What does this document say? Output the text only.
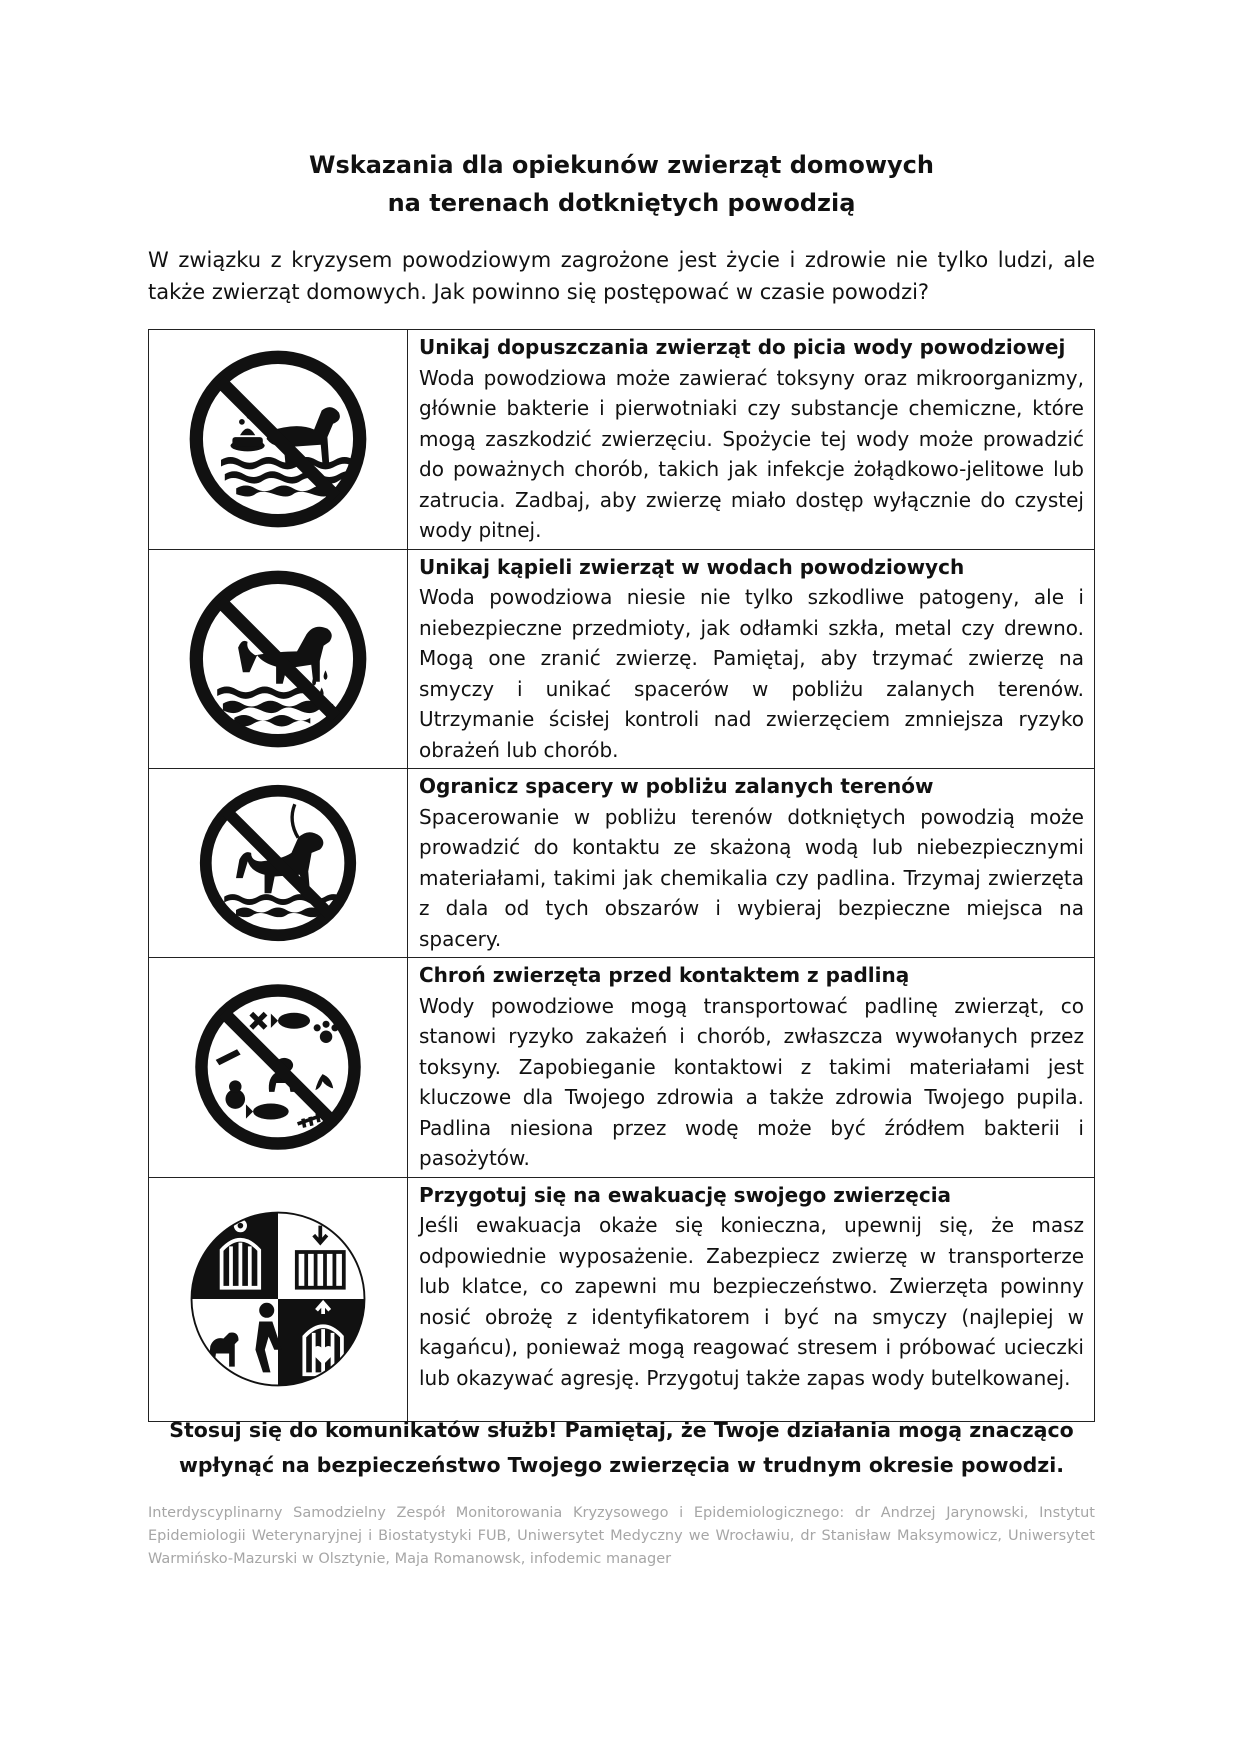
Wskazania dla opiekunów zwierząt domowych
na terenach dotkniętych powodzią
W związku z kryzysem powodziowym zagrożone jest życie i zdrowie nie tylko ludzi, ale także zwierząt domowych. Jak powinno się postępować w czasie powodzi?

Unikaj dopuszczania zwierząt do picia wody powodziowej
Woda powodziowa może zawierać toksyny oraz mikroorganizmy, głównie bakterie i pierwotniaki czy substancje chemiczne, które mogą zaszkodzić zwierzęciu. Spożycie tej wody może prowadzić do poważnych chorób, takich jak infekcje żołądkowo-jelitowe lub zatrucia. Zadbaj, aby zwierzę miało dostęp wyłącznie do czystej wody pitnej.

Unikaj kąpieli zwierząt w wodach powodziowych
Woda powodziowa niesie nie tylko szkodliwe patogeny, ale i niebezpieczne przedmioty, jak odłamki szkła, metal czy drewno. Mogą one zranić zwierzę. Pamiętaj, aby trzymać zwierzę na smyczy i unikać spacerów w pobliżu zalanych terenów. Utrzymanie ścisłej kontroli nad zwierzęciem zmniejsza ryzyko obrażeń lub chorób.

Ogranicz spacery w pobliżu zalanych terenów
Spacerowanie w pobliżu terenów dotkniętych powodzią może prowadzić do kontaktu ze skażoną wodą lub niebezpiecznymi materiałami, takimi jak chemikalia czy padlina. Trzymaj zwierzęta z dala od tych obszarów i wybieraj bezpieczne miejsca na spacery.

Chroń zwierzęta przed kontaktem z padliną
Wody powodziowe mogą transportować padlinę zwierząt, co stanowi ryzyko zakażeń i chorób, zwłaszcza wywołanych przez toksyny. Zapobieganie kontaktowi z takimi materiałami jest kluczowe dla Twojego zdrowia a także zdrowia Twojego pupila. Padlina niesiona przez wodę może być źródłem bakterii i pasożytów.

Przygotuj się na ewakuację swojego zwierzęcia
Jeśli ewakuacja okaże się konieczna, upewnij się, że masz odpowiednie wyposażenie. Zabezpiecz zwierzę w transporterze lub klatce, co zapewni mu bezpieczeństwo. Zwierzęta powinny nosić obrożę z identyfikatorem i być na smyczy (najlepiej w kagańcu), ponieważ mogą reagować stresem i próbować ucieczki lub okazywać agresję. Przygotuj także zapas wody butelkowanej.
Stosuj się do komunikatów służb! Pamiętaj, że Twoje działania mogą znacząco
wpłynąć na bezpieczeństwo Twojego zwierzęcia w trudnym okresie powodzi.
Interdyscyplinarny Samodzielny Zespół Monitorowania Kryzysowego i Epidemiologicznego: dr Andrzej Jarynowski, Instytut Epidemiologii Weterynaryjnej i Biostatystyki FUB, Uniwersytet Medyczny we Wrocławiu, dr Stanisław Maksymowicz, Uniwersytet Warmińsko-Mazurski w Olsztynie, Maja Romanowsk, infodemic manager
